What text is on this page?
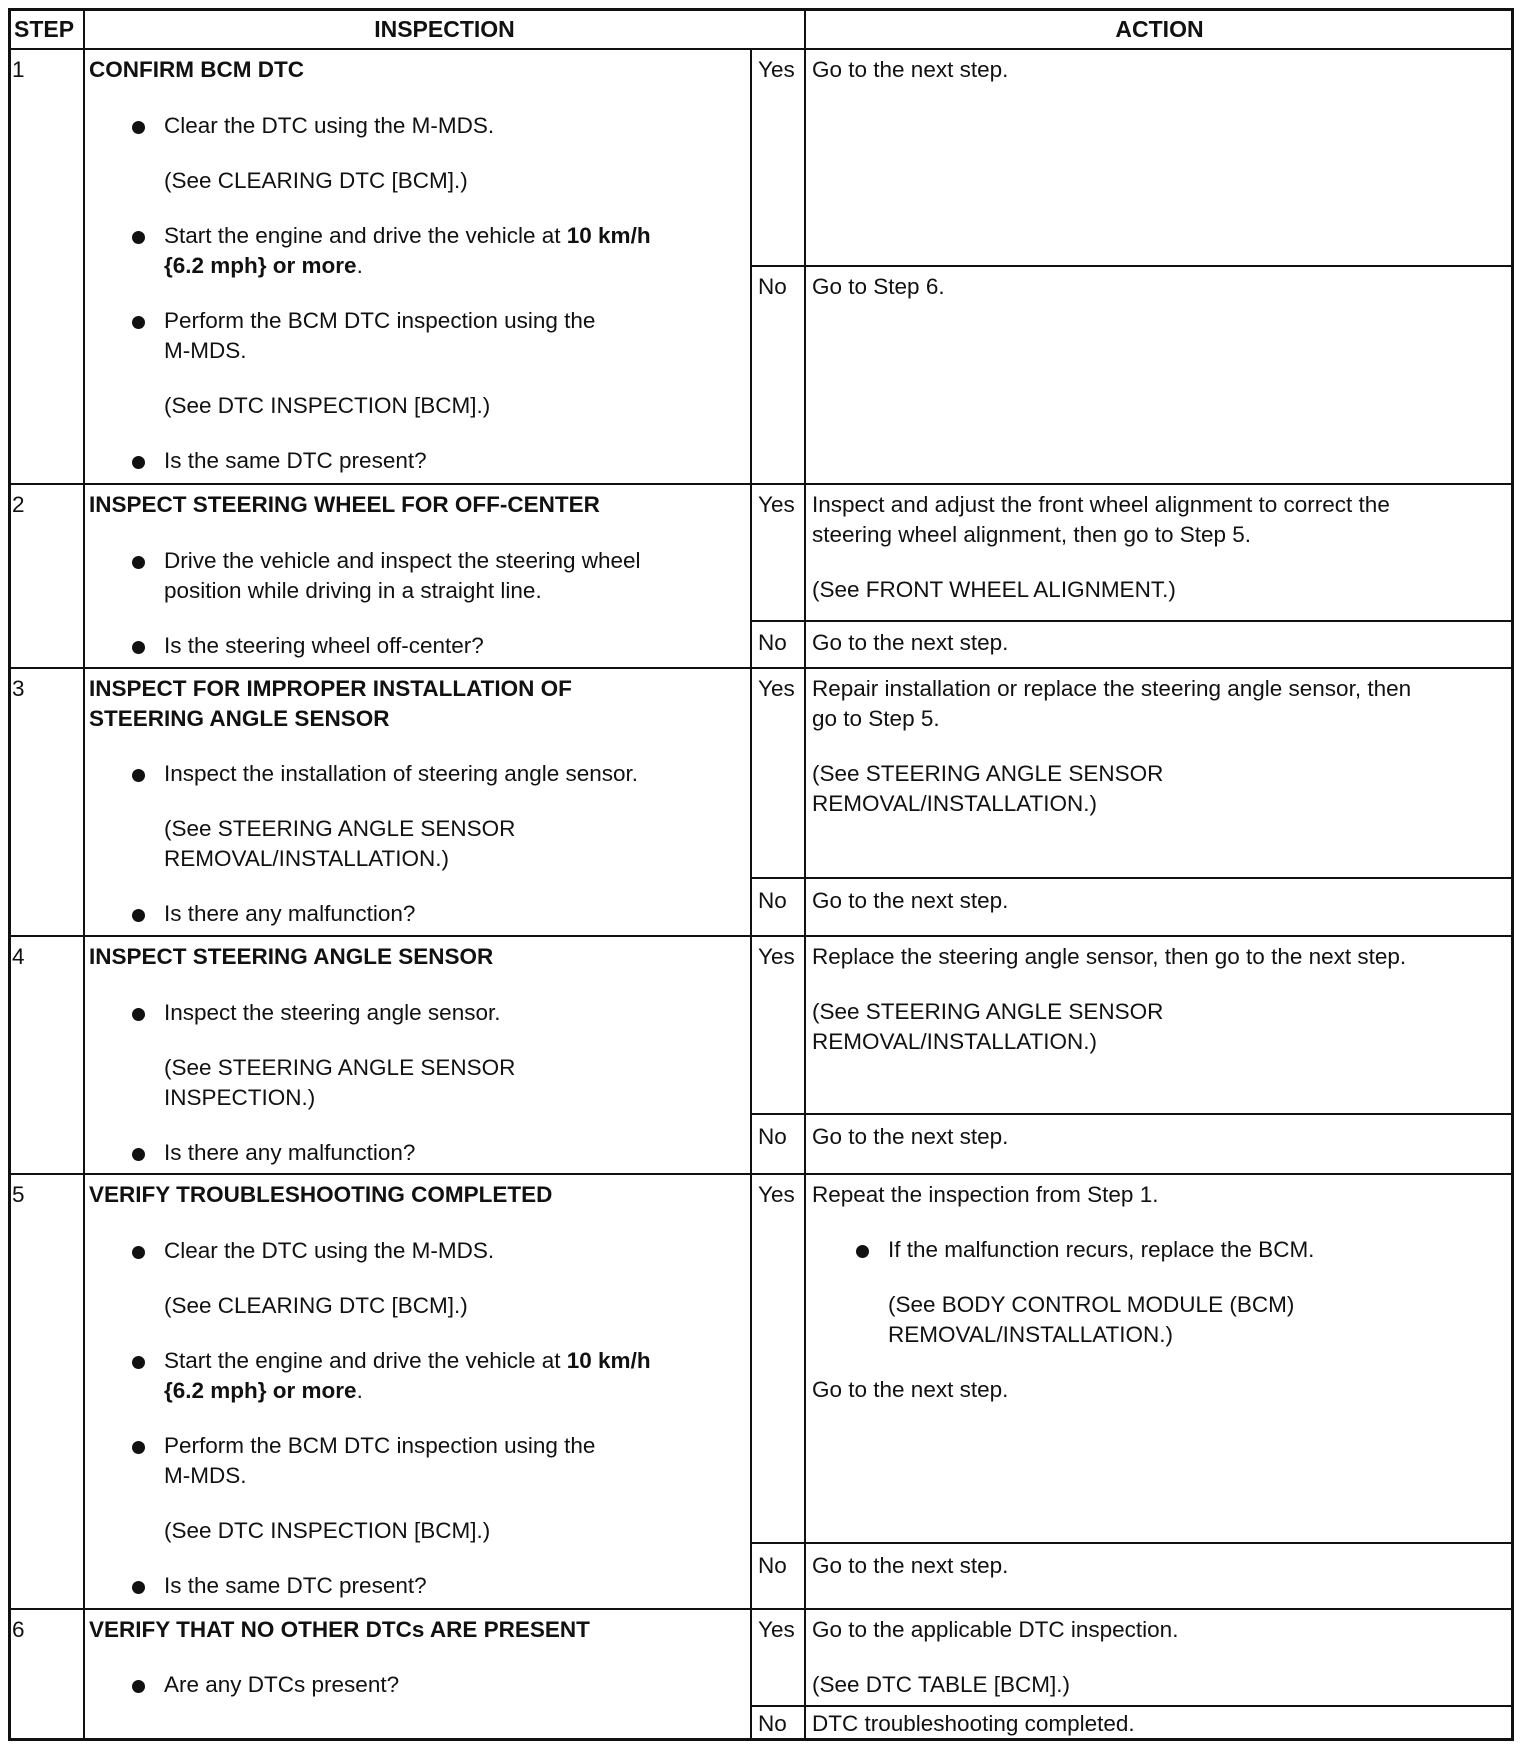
STEP	INSPECTION	ACTION
1	CONFIRM BCM DTC
Clear the DTC using the M-MDS.
(See CLEARING DTC [BCM].)
Start the engine and drive the vehicle at 10 km/h
{6.2 mph} or more.
Perform the BCM DTC inspection using the
M-MDS.
(See DTC INSPECTION [BCM].)
Is the same DTC present?
Yes Go to the next step.
No Go to Step 6.
2	INSPECT STEERING WHEEL FOR OFF-CENTER
Drive the vehicle and inspect the steering wheel
position while driving in a straight line.
Is the steering wheel off-center?
Yes Inspect and adjust the front wheel alignment to correct the
steering wheel alignment, then go to Step 5.
(See FRONT WHEEL ALIGNMENT.)
No Go to the next step.
3	INSPECT FOR IMPROPER INSTALLATION OF
STEERING ANGLE SENSOR
Inspect the installation of steering angle sensor.
(See STEERING ANGLE SENSOR
REMOVAL/INSTALLATION.)
Is there any malfunction?
Yes Repair installation or replace the steering angle sensor, then
go to Step 5.
(See STEERING ANGLE SENSOR
REMOVAL/INSTALLATION.)
No Go to the next step.
4	INSPECT STEERING ANGLE SENSOR
Inspect the steering angle sensor.
(See STEERING ANGLE SENSOR
INSPECTION.)
Is there any malfunction?
Yes Replace the steering angle sensor, then go to the next step.
(See STEERING ANGLE SENSOR
REMOVAL/INSTALLATION.)
No Go to the next step.
5	VERIFY TROUBLESHOOTING COMPLETED
Clear the DTC using the M-MDS.
(See CLEARING DTC [BCM].)
Start the engine and drive the vehicle at 10 km/h
{6.2 mph} or more.
Perform the BCM DTC inspection using the
M-MDS.
(See DTC INSPECTION [BCM].)
Is the same DTC present?
Yes Repeat the inspection from Step 1.
If the malfunction recurs, replace the BCM.
(See BODY CONTROL MODULE (BCM)
REMOVAL/INSTALLATION.)
Go to the next step.
No Go to the next step.
6	VERIFY THAT NO OTHER DTCs ARE PRESENT
Are any DTCs present?
Yes Go to the applicable DTC inspection.
(See DTC TABLE [BCM].)
No DTC troubleshooting completed.
